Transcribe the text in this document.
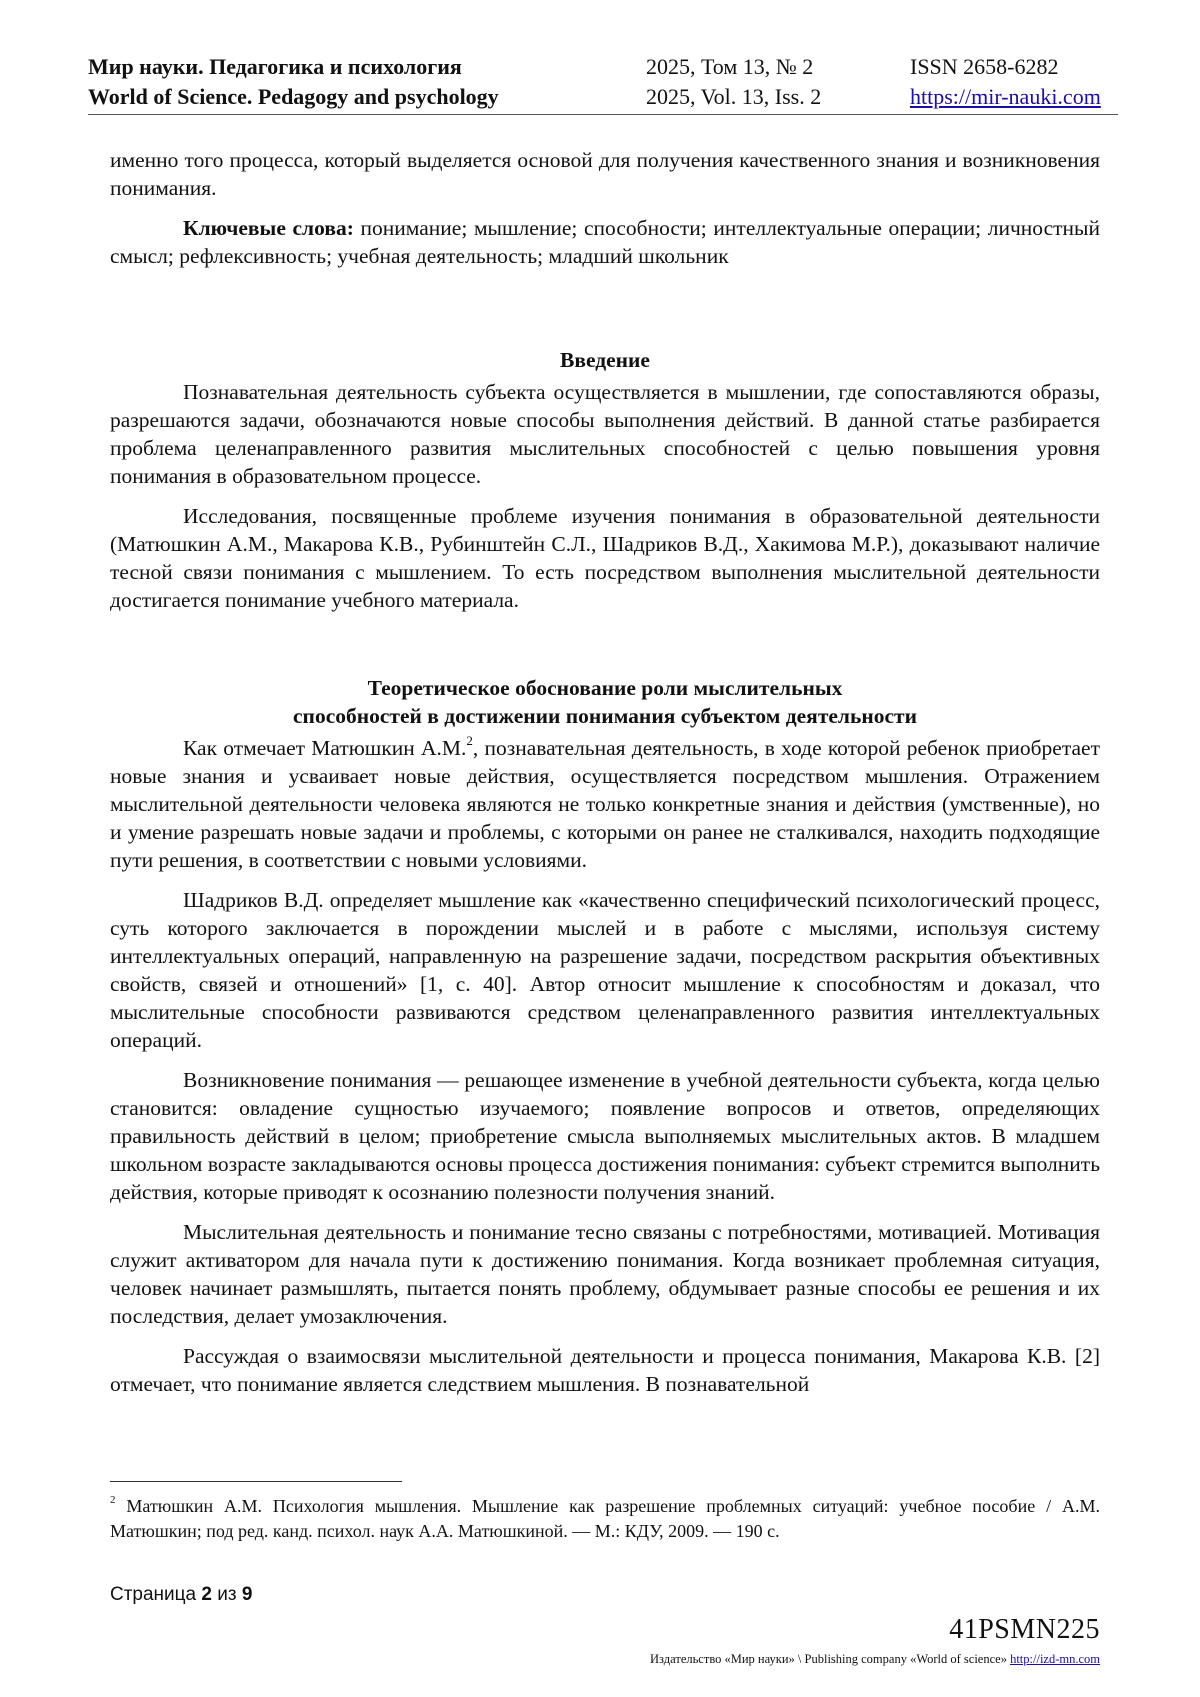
Мир науки. Педагогика и психология	2025, Том 13, № 2	ISSN 2658-6282
World of Science. Pedagogy and psychology	2025, Vol. 13, Iss. 2	https://mir-nauki.com

именно того процесса, который выделяется основой для получения качественного знания и возникновения понимания.

Ключевые слова: понимание; мышление; способности; интеллектуальные операции; личностный смысл; рефлексивность; учебная деятельность; младший школьник

Введение

Познавательная деятельность субъекта осуществляется в мышлении, где сопоставляются образы, разрешаются задачи, обозначаются новые способы выполнения действий. В данной статье разбирается проблема целенаправленного развития мыслительных способностей с целью повышения уровня понимания в образовательном процессе.

Исследования, посвященные проблеме изучения понимания в образовательной деятельности (Матюшкин А.М., Макарова К.В., Рубинштейн С.Л., Шадриков В.Д., Хакимова М.Р.), доказывают наличие тесной связи понимания с мышлением. То есть посредством выполнения мыслительной деятельности достигается понимание учебного материала.

Теоретическое обоснование роли мыслительных
способностей в достижении понимания субъектом деятельности

Как отмечает Матюшкин А.М.$^2$, познавательная деятельность, в ходе которой ребенок приобретает новые знания и усваивает новые действия, осуществляется посредством мышления. Отражением мыслительной деятельности человека являются не только конкретные знания и действия (умственные), но и умение разрешать новые задачи и проблемы, с которыми он ранее не сталкивался, находить подходящие пути решения, в соответствии с новыми условиями.

Шадриков В.Д. определяет мышление как «качественно специфический психологический процесс, суть которого заключается в порождении мыслей и в работе с мыслями, используя систему интеллектуальных операций, направленную на разрешение задачи, посредством раскрытия объективных свойств, связей и отношений» [1, с. 40]. Автор относит мышление к способностям и доказал, что мыслительные способности развиваются средством целенаправленного развития интеллектуальных операций.

Возникновение понимания — решающее изменение в учебной деятельности субъекта, когда целью становится: овладение сущностью изучаемого; появление вопросов и ответов, определяющих правильность действий в целом; приобретение смысла выполняемых мыслительных актов. В младшем школьном возрасте закладываются основы процесса достижения понимания: субъект стремится выполнить действия, которые приводят к осознанию полезности получения знаний.

Мыслительная деятельность и понимание тесно связаны с потребностями, мотивацией. Мотивация служит активатором для начала пути к достижению понимания. Когда возникает проблемная ситуация, человек начинает размышлять, пытается понять проблему, обдумывает разные способы ее решения и их последствия, делает умозаключения.

Рассуждая о взаимосвязи мыслительной деятельности и процесса понимания, Макарова К.В. [2] отмечает, что понимание является следствием мышления. В познавательной

$^2$ Матюшкин А.М. Психология мышления. Мышление как разрешение проблемных ситуаций: учебное пособие / А.М. Матюшкин; под ред. канд. психол. наук А.А. Матюшкиной. — М.: КДУ, 2009. — 190 с.
Страница 2 из 9
41PSMN225
Издательство «Мир науки» \ Publishing company «World of science» http://izd-mn.com
